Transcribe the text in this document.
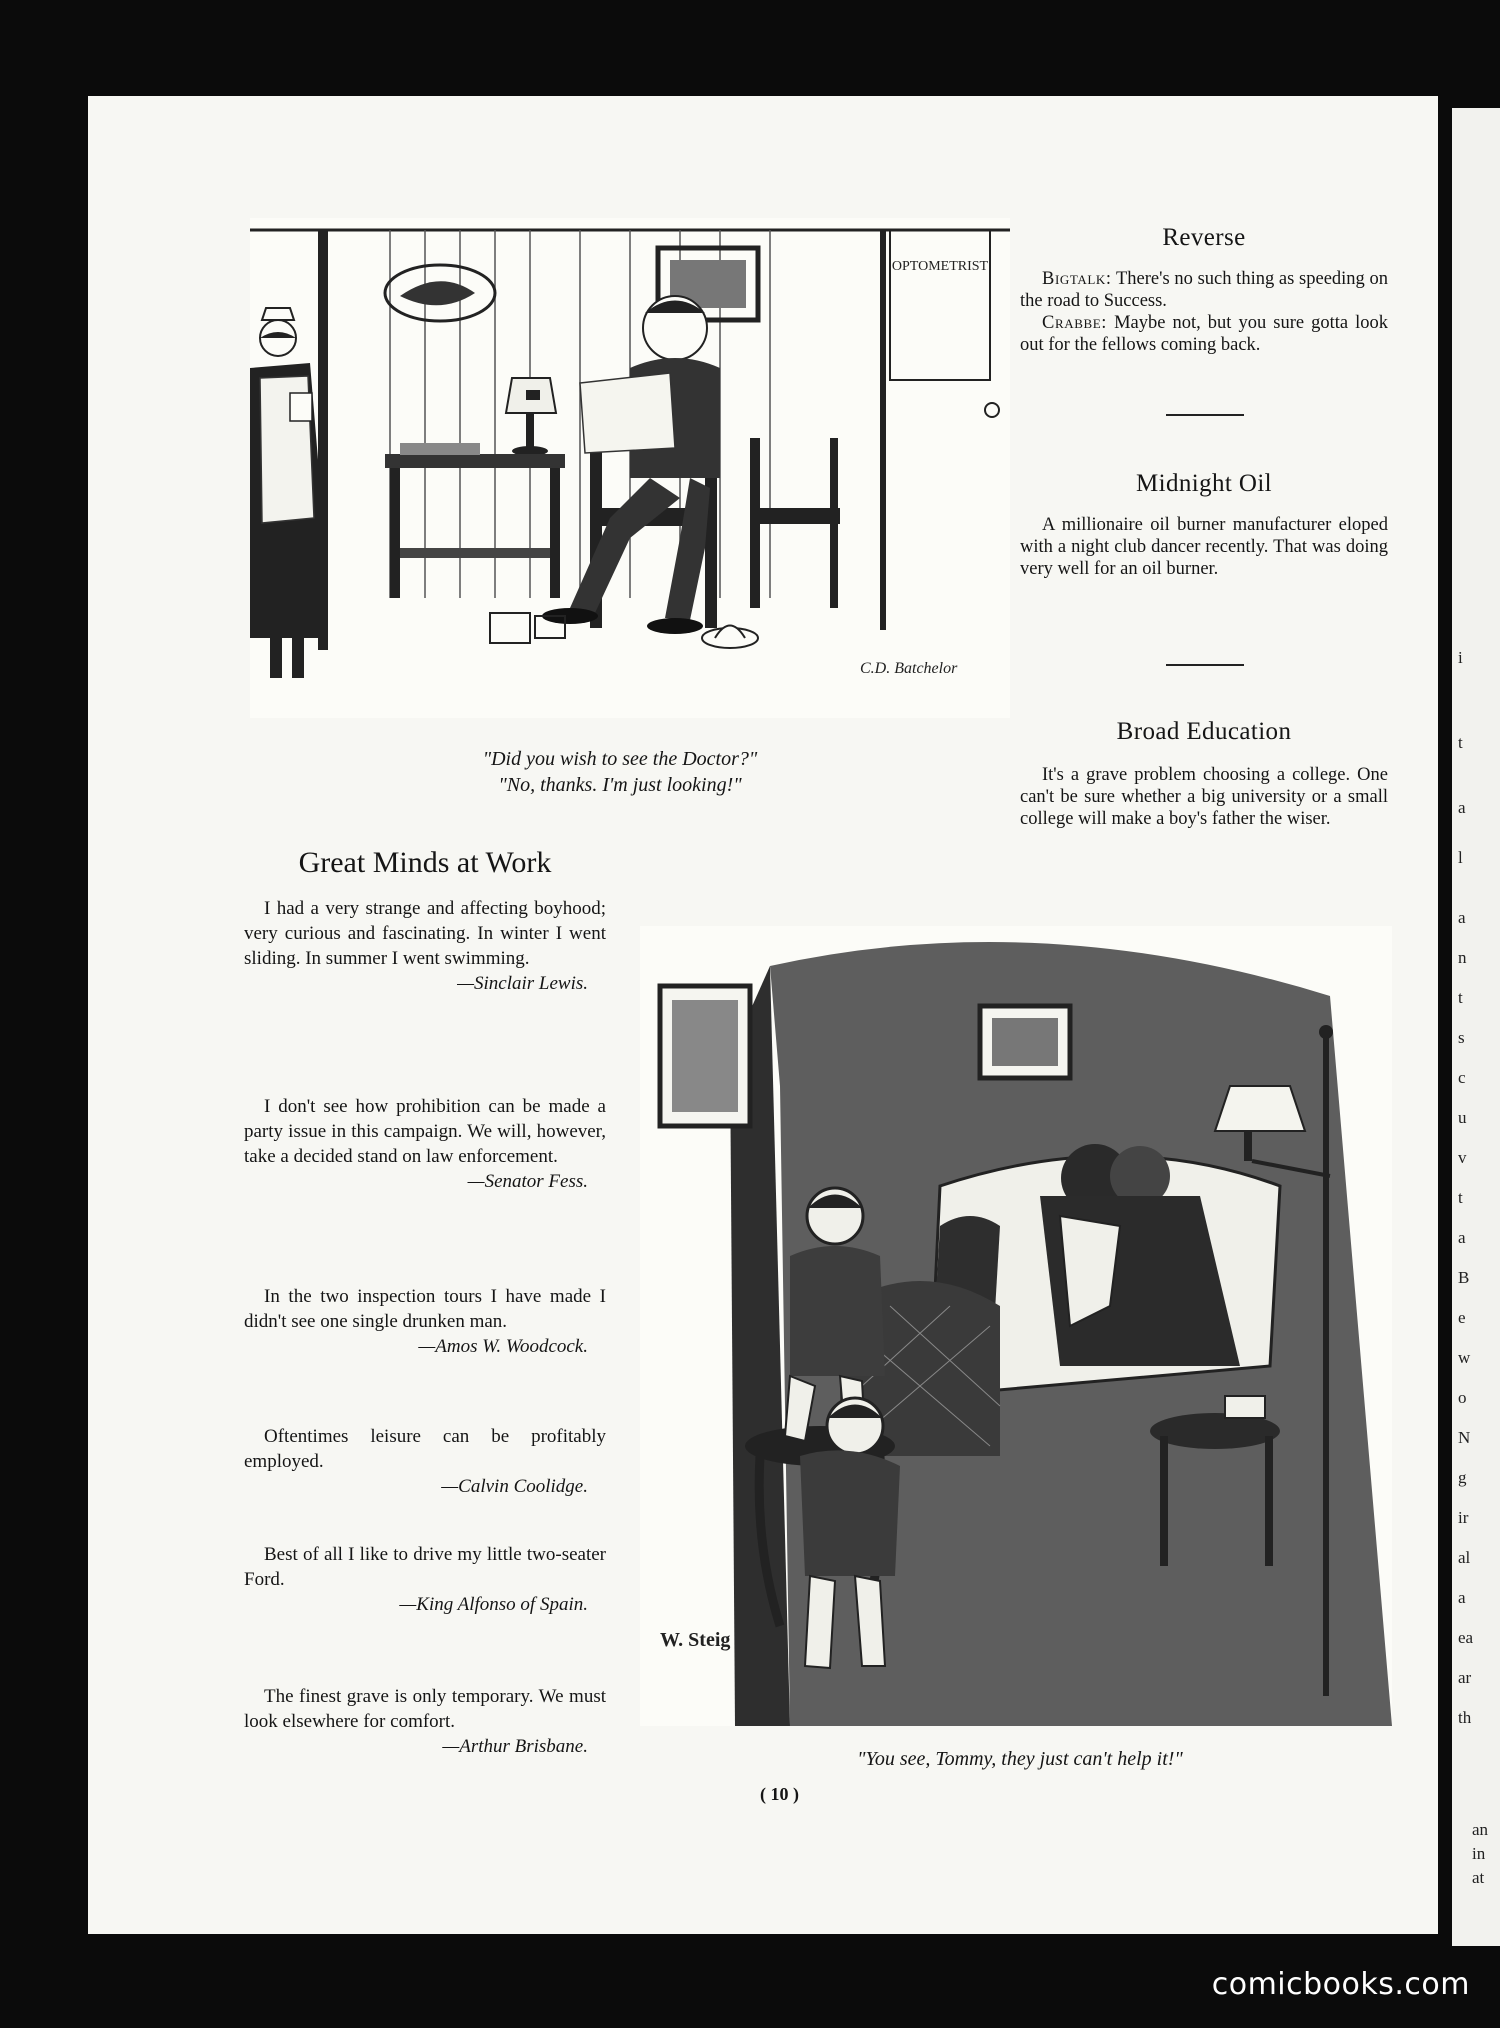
i
t
a
l
a
n
t
s
c
u
v
t
a
B
e
w
o
N
g
ir
al
a
ea
ar
th
an
in
at
OPTOMETRIST
C.D. Batchelor
"Did you wish to see the Doctor?"
"No, thanks. I'm just looking!"
Reverse
Bigtalk: There's no such thing as speeding on the road to Success.
Crabbe: Maybe not, but you sure gotta look out for the fellows coming back.
Midnight Oil
A millionaire oil burner manufacturer eloped with a night club dancer recently. That was doing very well for an oil burner.
Broad Education
It's a grave problem choosing a college. One can't be sure whether a big university or a small college will make a boy's father the wiser.
Great Minds at Work
I had a very strange and affecting boyhood; very curious and fascinating. In winter I went sliding. In summer I went swimming.
—Sinclair Lewis.
I don't see how prohibition can be made a party issue in this campaign. We will, however, take a decided stand on law enforcement.
—Senator Fess.
In the two inspection tours I have made I didn't see one single drunken man.
—Amos W. Woodcock.
Oftentimes leisure can be profitably employed.
—Calvin Coolidge.
Best of all I like to drive my little two-seater Ford.
—King Alfonso of Spain.
The finest grave is only temporary. We must look elsewhere for comfort.
—Arthur Brisbane.
W. Steig
"You see, Tommy, they just can't help it!"
( 10 )
comicbooks.com
